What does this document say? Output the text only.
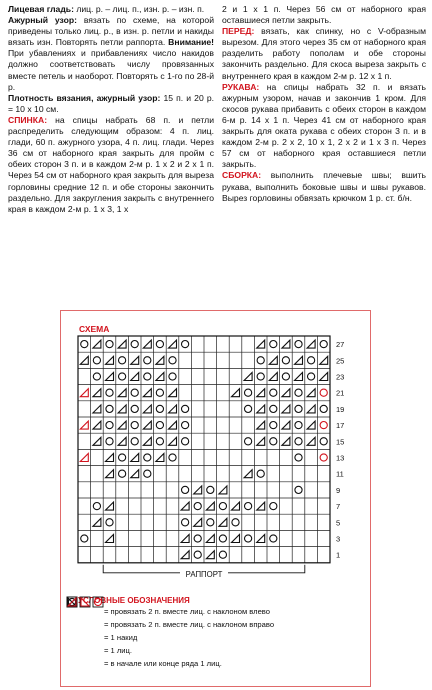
Лицевая гладь: лиц. р. – лиц. п., изн. р. – изн. п.

Ажурный узор: вязать по схеме, на которой приведены только лиц. р., в изн. р. петли и накиды вязать изн. Повторять петли раппорта. Внимание! При убавлениях и прибавлениях число накидов должно соответствовать числу провязанных вместе петель и наоборот. Повторять с 1-го по 28-й р.

Плотность вязания, ажурный узор: 15 п. и 20 р. = 10 х 10 см.

СПИНКА: на спицы набрать 68 п. и петли распределить следующим образом: 4 п. лиц. глади, 60 п. ажурного узора, 4 п. лиц. глади. Через 36 см от наборного края закрыть для пройм с обеих сторон 3 п. и в каждом 2-м р. 1 х 2 и 2 х 1 п. Через 54 см от наборного края закрыть для выреза горловины средние 12 п. и обе стороны закончить раздельно. Для закругления закрыть с внутреннего края в каждом 2-м р. 1 х 3, 1 х

2 и 1 х 1 п. Через 56 см от наборного края оставшиеся петли закрыть.

ПЕРЕД: вязать, как спинку, но с V-образным вырезом. Для этого через 35 см от наборного края разделить работу пополам и обе стороны закончить раздельно. Для скоса выреза закрыть с внутреннего края в каждом 2-м р. 12 х 1 п.

РУКАВА: на спицы набрать 32 п. и вязать ажурным узором, начав и закончив 1 кром. Для скосов рукава прибавить с обеих сторон в каждом 6-м р. 14 х 1 п. Через 41 см от наборного края закрыть для оката рукава с обеих сторон 3 п. и в каждом 2-м р. 2 х 2, 10 х 1, 2 х 2 и 1 х 3 п. Через 57 см от наборного края оставшиеся петли закрыть.

СБОРКА: выполнить плечевые швы; вшить рукава, выполнить боковые швы и швы рукавов. Вырез горловины обвязать крючком 1 р. ст. б/н.

СХЕМА
27
25
23
21
19
17
15
13
11
9
7
5
3
1
РАППОРТ
УСЛОВНЫЕ ОБОЗНАЧЕНИЯ
= провязать 2 п. вместе лиц. с наклоном влево
= провязать 2 п. вместе лиц. с наклоном вправо
= 1 накид
= 1 лиц.
= в начале или конце ряда 1 лиц.
